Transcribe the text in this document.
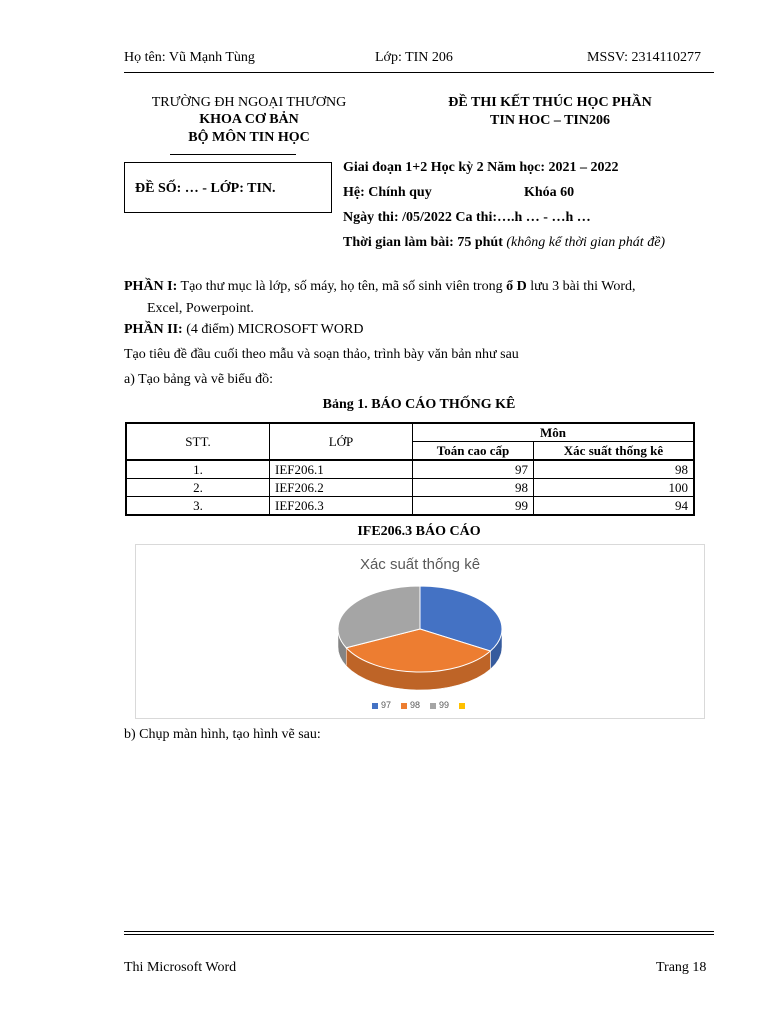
Họ tên: Vũ Mạnh Tùng	Lớp: TIN 206	MSSV: 2314110277
TRƯỜNG ĐH NGOẠI THƯƠNG
KHOA CƠ BẢN
BỘ MÔN TIN HỌC
ĐỀ THI KẾT THÚC HỌC PHẦN
TIN HOC – TIN206
ĐỀ SỐ: … - LỚP: TIN.
Giai đoạn 1+2 Học kỳ 2 Năm học: 2021 – 2022
Hệ: Chính quy	Khóa 60
Ngày thi: /05/2022 Ca thi:….h … - …h …
Thời gian làm bài: 75 phút (không kể thời gian phát đề)
PHẦN I: Tạo thư mục là lớp, số máy, họ tên, mã số sinh viên trong ổ D lưu 3 bài thi Word,
Excel, Powerpoint.
PHẦN II: (4 điểm) MICROSOFT WORD
Tạo tiêu đề đầu cuối theo mẫu và soạn thảo, trình bày văn bản như sau
a) Tạo bảng và vẽ biểu đồ:
Bảng 1. BÁO CÁO THỐNG KÊ
STT.	LỚP	Môn	
		Toán cao cấp	Xác suất thống kê
1.	IEF206.1	97	98
2.	IEF206.2	98	100
3.	IEF206.3	99	94
IFE206.3 BÁO CÁO
Xác suất thống kê
97	98	99
b) Chụp màn hình, tạo hình vẽ sau:
Thi Microsoft Word	Trang 18
